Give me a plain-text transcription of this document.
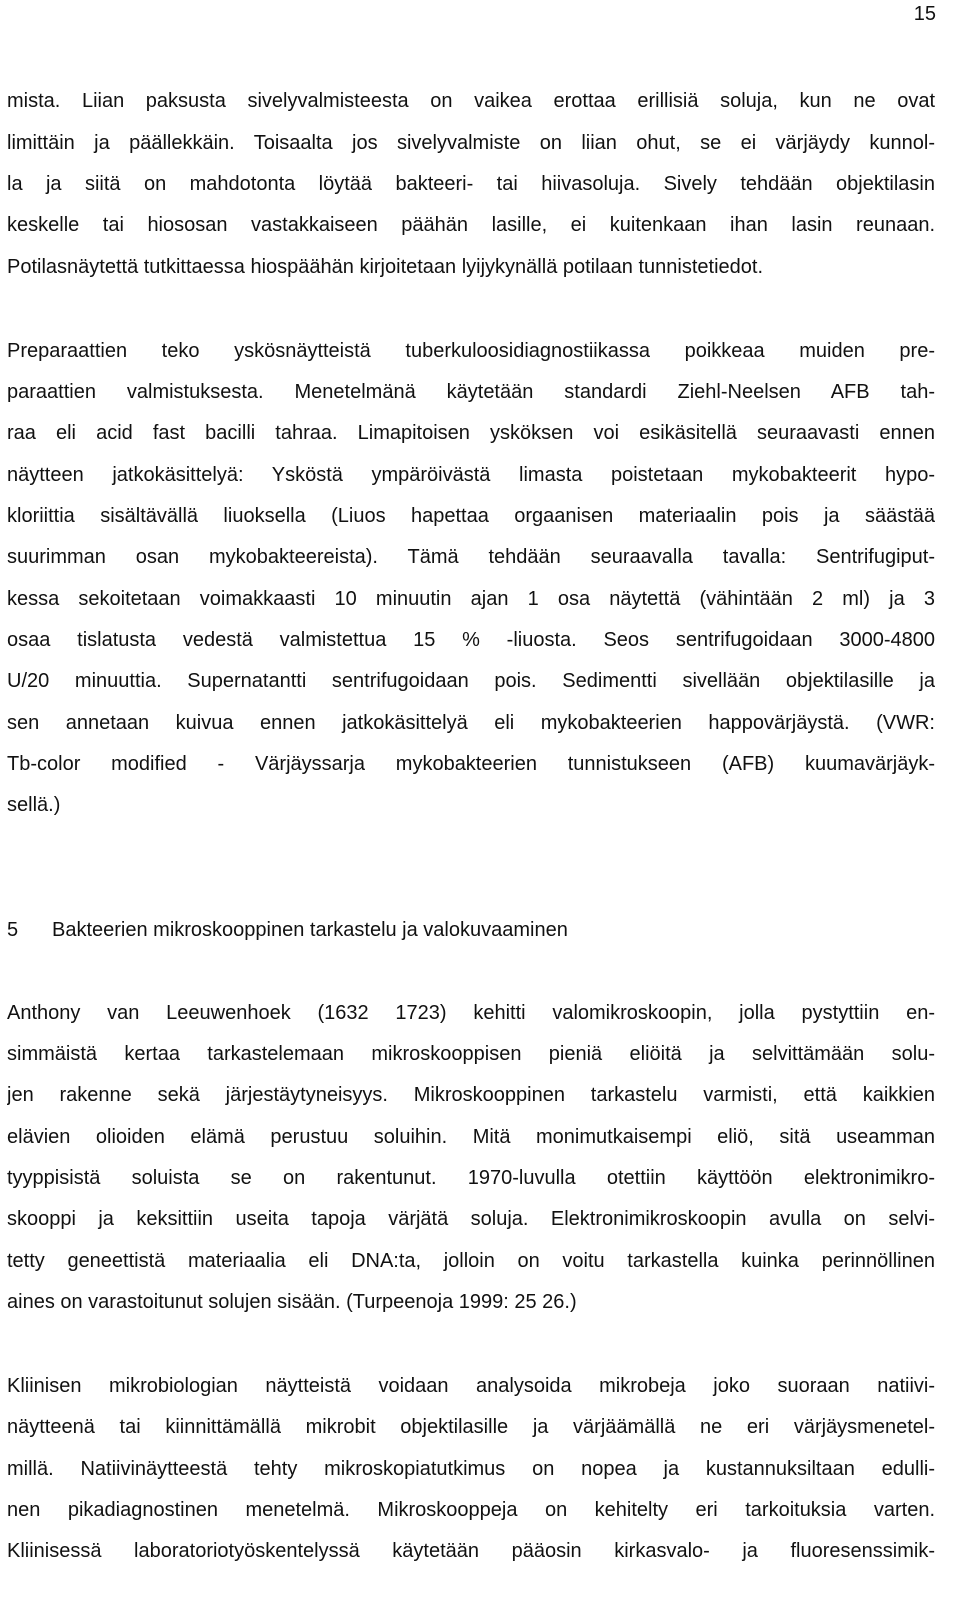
15
mista. Liian paksusta sivelyvalmisteesta on vaikea erottaa erillisiä soluja, kun ne ovat
limittäin ja päällekkäin. Toisaalta jos sivelyvalmiste on liian ohut, se ei värjäydy kunnol-
la ja siitä on mahdotonta löytää bakteeri- tai hiivasoluja. Sively tehdään objektilasin
keskelle tai hiososan vastakkaiseen päähän lasille, ei kuitenkaan ihan lasin reunaan.
Potilasnäytettä tutkittaessa hiospäähän kirjoitetaan lyijykynällä potilaan tunnistetiedot.
Preparaattien teko yskösnäytteistä tuberkuloosidiagnostiikassa poikkeaa muiden pre-
paraattien valmistuksesta. Menetelmänä käytetään standardi Ziehl-Neelsen AFB tah-
raa eli acid fast bacilli tahraa. Limapitoisen ysköksen voi esikäsitellä seuraavasti ennen
näytteen jatkokäsittelyä: Ysköstä ympäröivästä limasta poistetaan mykobakteerit hypo-
kloriittia sisältävällä liuoksella (Liuos hapettaa orgaanisen materiaalin pois ja säästää
suurimman osan mykobakteereista). Tämä tehdään seuraavalla tavalla: Sentrifugiput-
kessa sekoitetaan voimakkaasti 10 minuutin ajan 1 osa näytettä (vähintään 2 ml) ja 3
osaa tislatusta vedestä valmistettua 15 % -liuosta. Seos sentrifugoidaan 3000-4800
U/20 minuuttia. Supernatantti sentrifugoidaan pois. Sedimentti sivellään objektilasille ja
sen annetaan kuivua ennen jatkokäsittelyä eli mykobakteerien happovärjäystä. (VWR:
Tb-color modified - Värjäyssarja mykobakteerien tunnistukseen (AFB) kuumavärjäyk-
sellä.)
5 Bakteerien mikroskooppinen tarkastelu ja valokuvaaminen
Anthony van Leeuwenhoek (1632 1723) kehitti valomikroskoopin, jolla pystyttiin en-
simmäistä kertaa tarkastelemaan mikroskooppisen pieniä eliöitä ja selvittämään solu-
jen rakenne sekä järjestäytyneisyys. Mikroskooppinen tarkastelu varmisti, että kaikkien
elävien olioiden elämä perustuu soluihin. Mitä monimutkaisempi eliö, sitä useamman
tyyppisistä soluista se on rakentunut. 1970-luvulla otettiin käyttöön elektronimikro-
skooppi ja keksittiin useita tapoja värjätä soluja. Elektronimikroskoopin avulla on selvi-
tetty geneettistä materiaalia eli DNA:ta, jolloin on voitu tarkastella kuinka perinnöllinen
aines on varastoitunut solujen sisään. (Turpeenoja 1999: 25 26.)
Kliinisen mikrobiologian näytteistä voidaan analysoida mikrobeja joko suoraan natiivi-
näytteenä tai kiinnittämällä mikrobit objektilasille ja värjäämällä ne eri värjäysmenetel-
millä. Natiivinäytteestä tehty mikroskopiatutkimus on nopea ja kustannuksiltaan edulli-
nen pikadiagnostinen menetelmä. Mikroskooppeja on kehitelty eri tarkoituksia varten.
Kliinisessä laboratoriotyöskentelyssä käytetään pääosin kirkasvalo- ja fluoresenssimik-
